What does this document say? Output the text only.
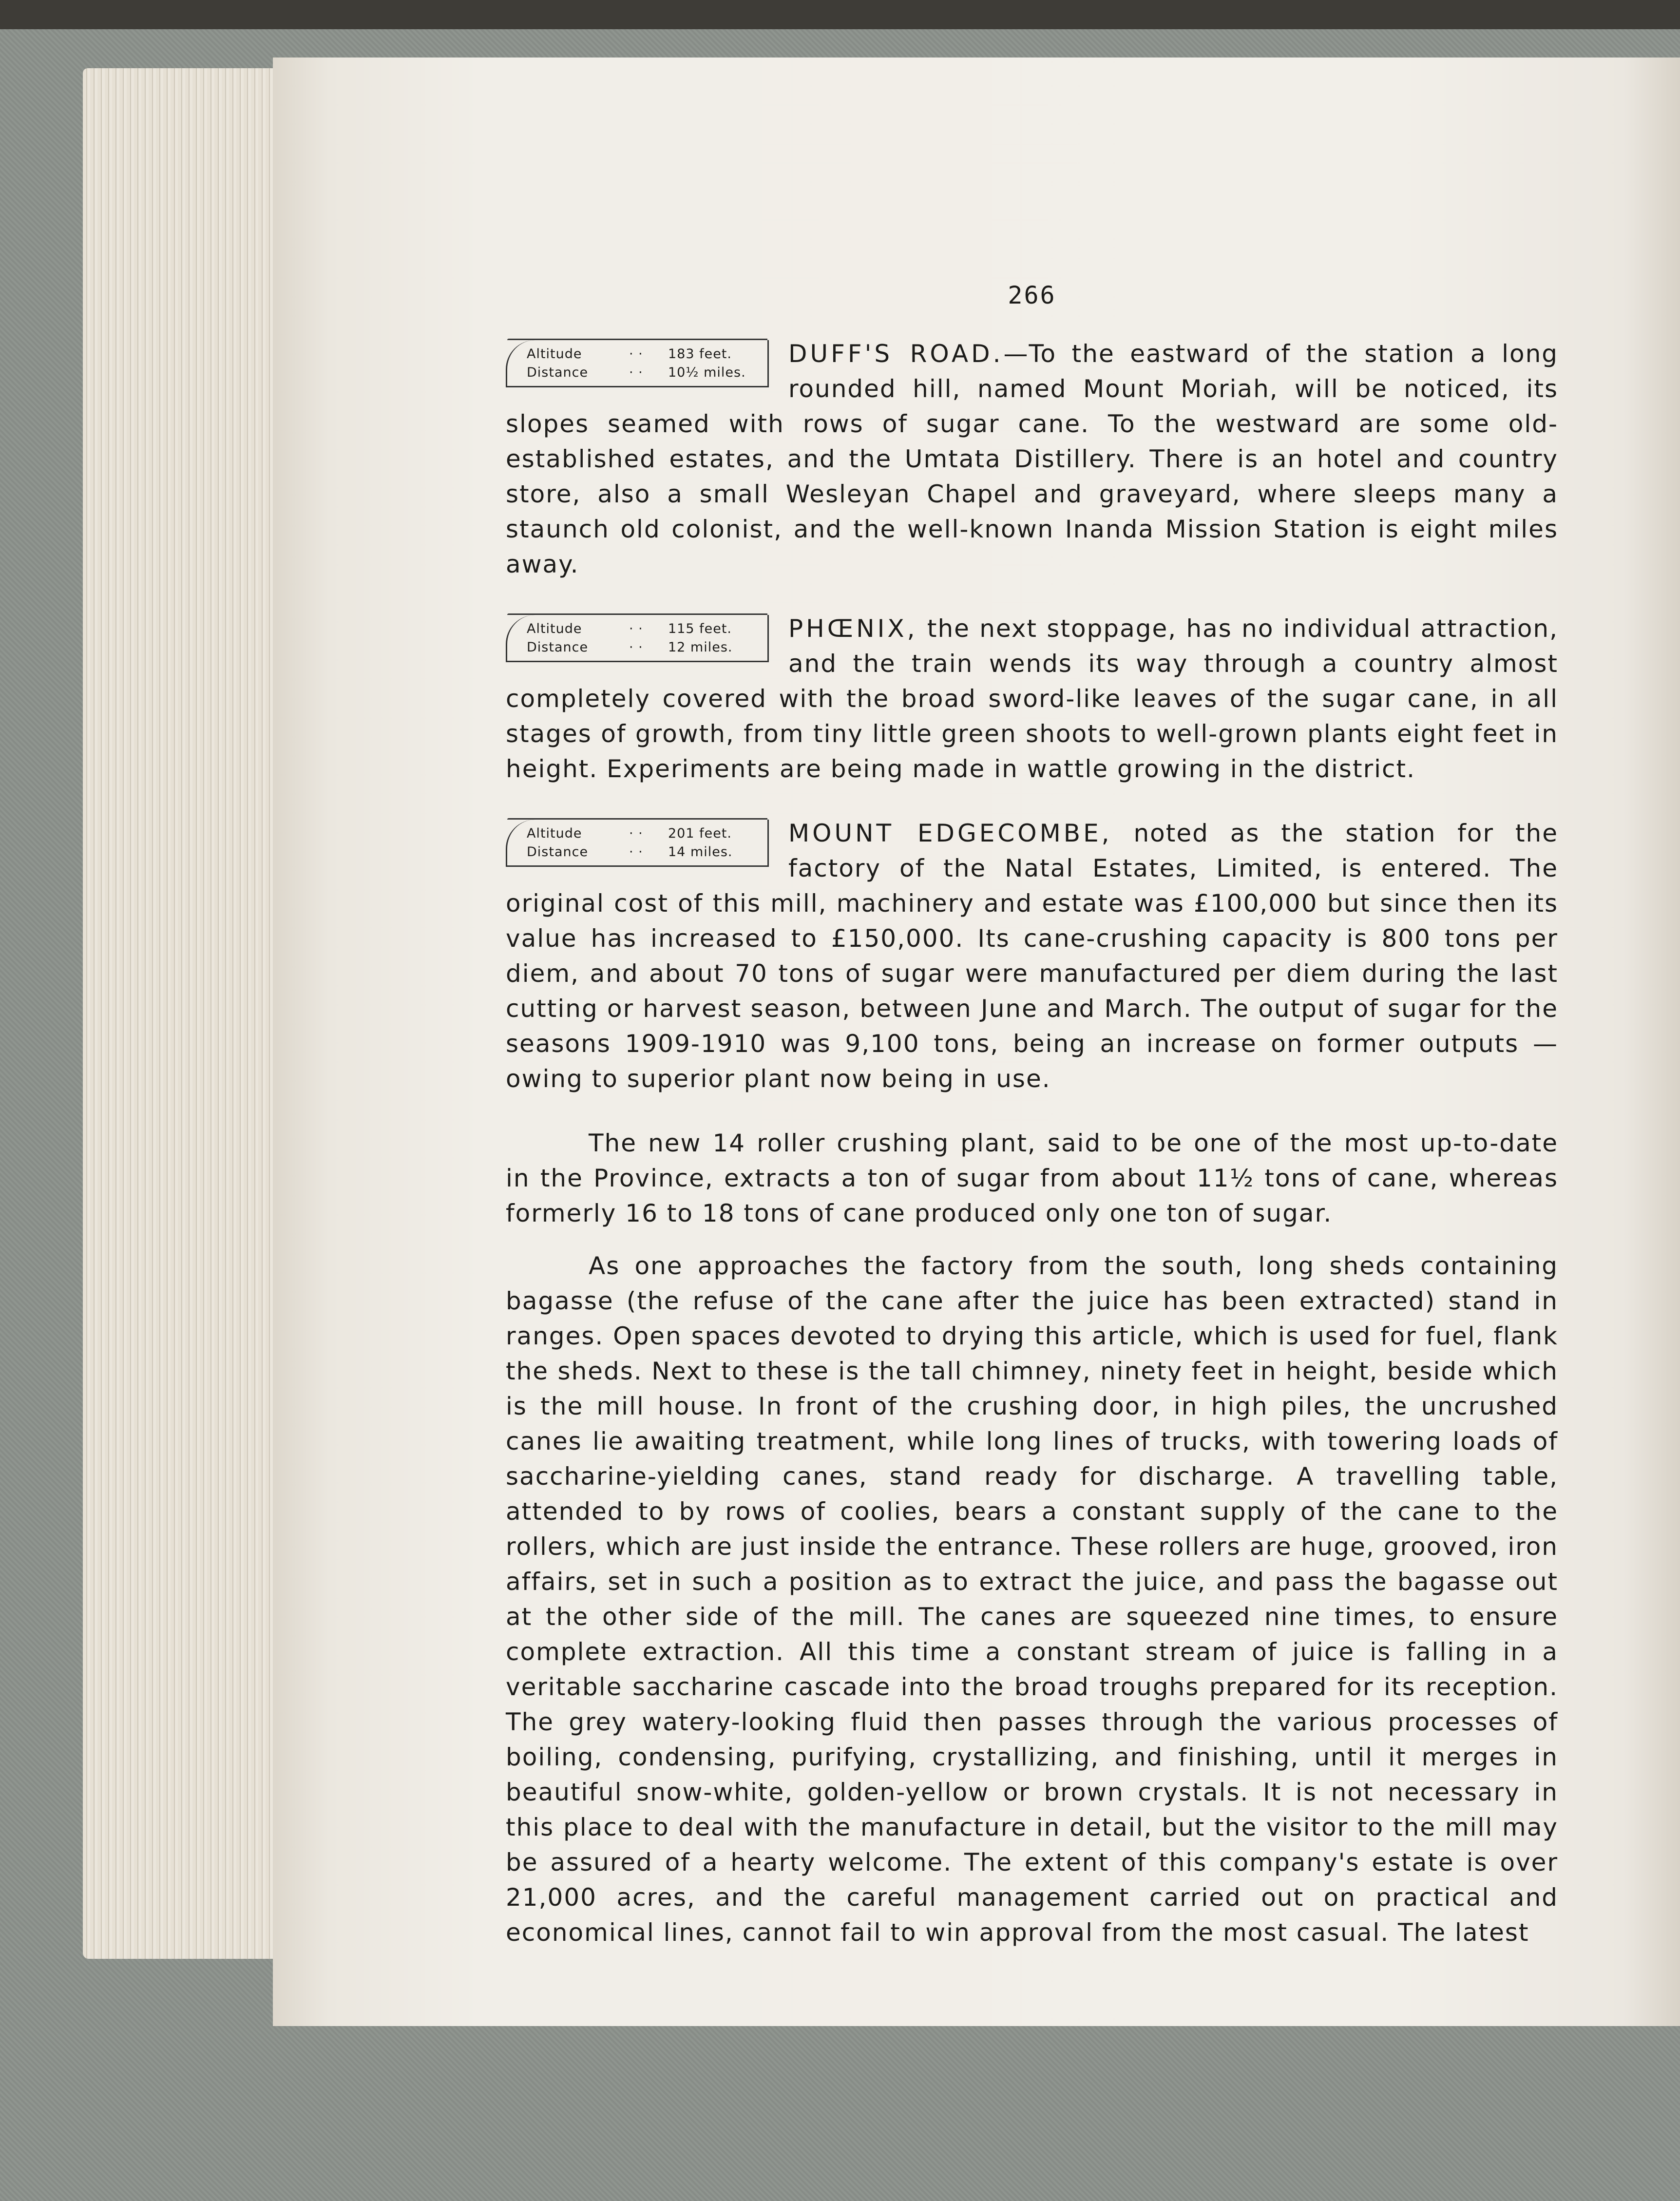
266
Altitude	· ·	183 feet.
Distance	· ·	10½ miles.
DUFF'S ROAD.—To the eastward of the station a long rounded hill, named Mount Moriah, will be noticed, its slopes seamed with rows of sugar cane. To the westward are some old-established estates, and the Umtata Distillery. There is an hotel and country store, also a small Wesleyan Chapel and graveyard, where sleeps many a staunch old colonist, and the well-known Inanda Mission Station is eight miles away.
Altitude	· ·	115 feet.
Distance	· ·	12 miles.
PHŒNIX, the next stoppage, has no individual attraction, and the train wends its way through a country almost completely covered with the broad sword-like leaves of the sugar cane, in all stages of growth, from tiny little green shoots to well-grown plants eight feet in height. Experiments are being made in wattle growing in the district.
Altitude	· ·	201 feet.
Distance	· ·	14 miles.
MOUNT EDGECOMBE, noted as the station for the factory of the Natal Estates, Limited, is entered. The original cost of this mill, machinery and estate was £100,000 but since then its value has increased to £150,000. Its cane-crushing capacity is 800 tons per diem, and about 70 tons of sugar were manufactured per diem during the last cutting or harvest season, between June and March. The output of sugar for the seasons 1909-1910 was 9,100 tons, being an increase on former outputs —owing to superior plant now being in use.
The new 14 roller crushing plant, said to be one of the most up-to-date in the Province, extracts a ton of sugar from about 11½ tons of cane, whereas formerly 16 to 18 tons of cane produced only one ton of sugar.
As one approaches the factory from the south, long sheds containing bagasse (the refuse of the cane after the juice has been extracted) stand in ranges. Open spaces devoted to drying this article, which is used for fuel, flank the sheds. Next to these is the tall chimney, ninety feet in height, beside which is the mill house. In front of the crushing door, in high piles, the uncrushed canes lie awaiting treatment, while long lines of trucks, with towering loads of saccharine-yielding canes, stand ready for discharge. A travelling table, attended to by rows of coolies, bears a constant supply of the cane to the rollers, which are just inside the entrance. These rollers are huge, grooved, iron affairs, set in such a position as to extract the juice, and pass the bagasse out at the other side of the mill. The canes are squeezed nine times, to ensure complete extraction. All this time a constant stream of juice is falling in a veritable saccharine cascade into the broad troughs prepared for its reception. The grey watery-looking fluid then passes through the various processes of boiling, condensing, purifying, crystallizing, and finishing, until it merges in beautiful snow-white, golden-yellow or brown crystals. It is not necessary in this place to deal with the manufacture in detail, but the visitor to the mill may be assured of a hearty welcome. The extent of this company's estate is over 21,000 acres, and the careful management carried out on practical and economical lines, cannot fail to win approval from the most casual. The latest
